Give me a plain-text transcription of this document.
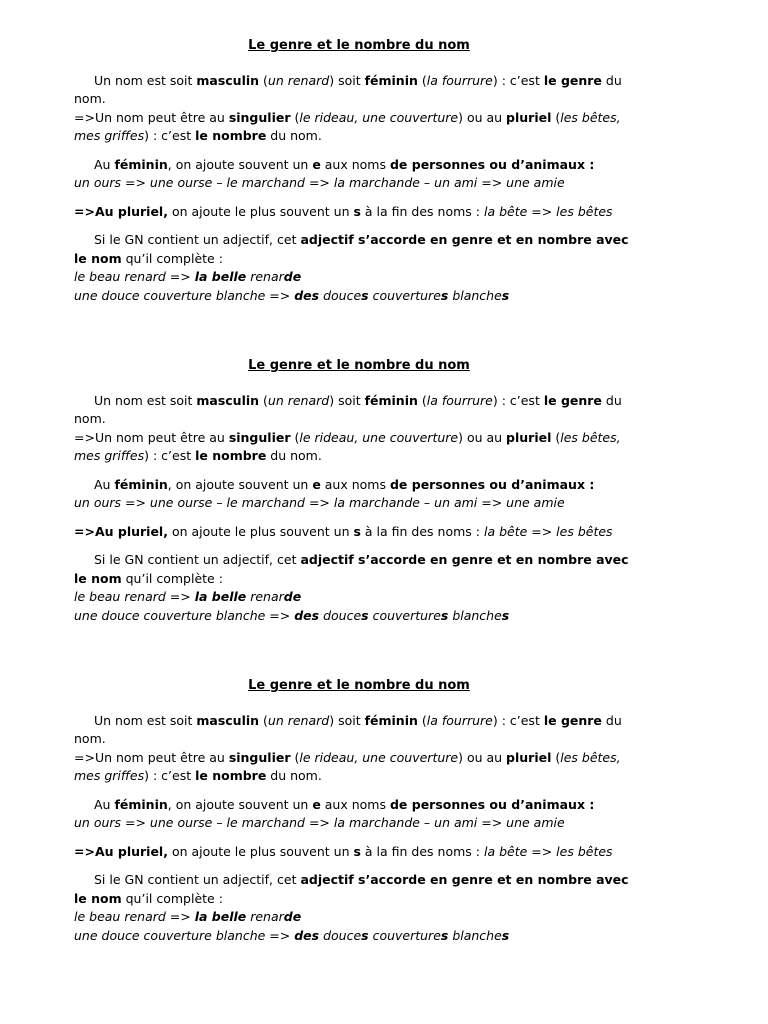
Le genre et le nombre du nom

Un nom est soit masculin (un renard) soit féminin (la fourrure) : c’est le genre du nom.

=>Un nom peut être au singulier (le rideau, une couverture) ou au pluriel (les bêtes, mes griffes) : c’est le nombre du nom.

Au féminin, on ajoute souvent un e aux noms de personnes ou d’animaux :

un ours => une ourse – le marchand => la marchande – un ami => une amie

=>Au pluriel, on ajoute le plus souvent un s à la fin des noms : la bête => les bêtes

Si le GN contient un adjectif, cet adjectif s’accorde en genre et en nombre avec le nom qu’il complète :

le beau renard => la belle renarde

une douce couverture blanche => des douces couvertures blanches

Le genre et le nombre du nom

Un nom est soit masculin (un renard) soit féminin (la fourrure) : c’est le genre du nom.

=>Un nom peut être au singulier (le rideau, une couverture) ou au pluriel (les bêtes, mes griffes) : c’est le nombre du nom.

Au féminin, on ajoute souvent un e aux noms de personnes ou d’animaux :

un ours => une ourse – le marchand => la marchande – un ami => une amie

=>Au pluriel, on ajoute le plus souvent un s à la fin des noms : la bête => les bêtes

Si le GN contient un adjectif, cet adjectif s’accorde en genre et en nombre avec le nom qu’il complète :

le beau renard => la belle renarde

une douce couverture blanche => des douces couvertures blanches

Le genre et le nombre du nom

Un nom est soit masculin (un renard) soit féminin (la fourrure) : c’est le genre du nom.

=>Un nom peut être au singulier (le rideau, une couverture) ou au pluriel (les bêtes, mes griffes) : c’est le nombre du nom.

Au féminin, on ajoute souvent un e aux noms de personnes ou d’animaux :

un ours => une ourse – le marchand => la marchande – un ami => une amie

=>Au pluriel, on ajoute le plus souvent un s à la fin des noms : la bête => les bêtes

Si le GN contient un adjectif, cet adjectif s’accorde en genre et en nombre avec le nom qu’il complète :

le beau renard => la belle renarde

une douce couverture blanche => des douces couvertures blanches
